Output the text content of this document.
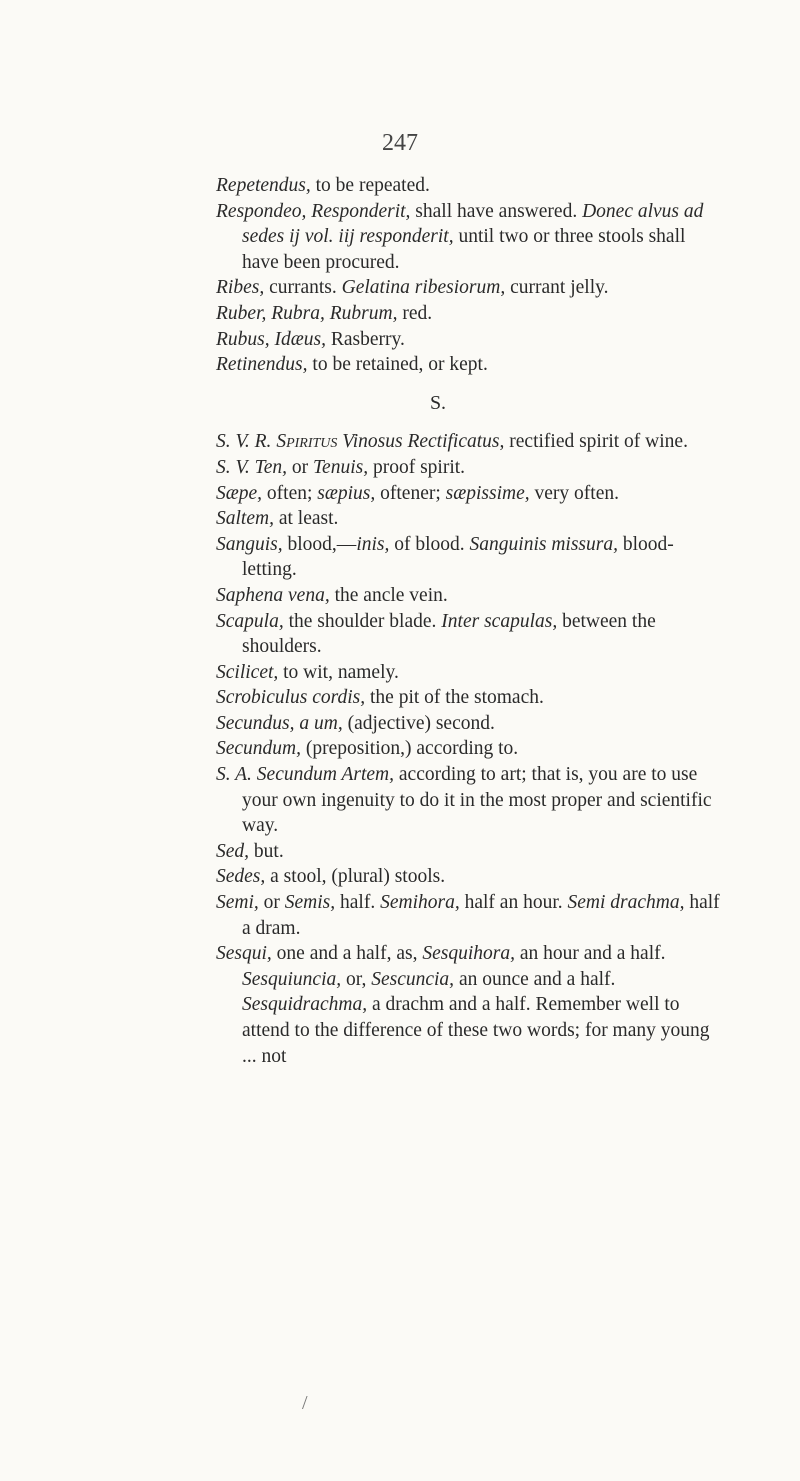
247

Repetendus, to be repeated.

Respondeo, Responderit, shall have answered. Donec alvus ad sedes ij vol. iij responderit, until two or three stools shall have been procured.

Ribes, currants. Gelatina ribesiorum, currant jelly.

Ruber, Rubra, Rubrum, red.

Rubus, Idæus, Rasberry.

Retinendus, to be retained, or kept.

S.

S. V. R. Spiritus Vinosus Rectificatus, rectified spirit of wine.

S. V. Ten, or Tenuis, proof spirit.

Sæpe, often; sæpius, oftener; sæpissime, very often.

Saltem, at least.

Sanguis, blood,—inis, of blood. Sanguinis missura, blood-letting.

Saphena vena, the ancle vein.

Scapula, the shoulder blade. Inter scapulas, between the shoulders.

Scilicet, to wit, namely.

Scrobiculus cordis, the pit of the stomach.

Secundus, a um, (adjective) second.

Secundum, (preposition,) according to.

S. A. Secundum Artem, according to art; that is, you are to use your own ingenuity to do it in the most proper and scientific way.

Sed, but.

Sedes, a stool, (plural) stools.

Semi, or Semis, half. Semihora, half an hour. Semi drachma, half a dram.

Sesqui, one and a half, as, Sesquihora, an hour and a half. Sesquiuncia, or, Sescuncia, an ounce and a half. Sesquidrachma, a drachm and a half. Remember well to attend to the difference of these two words; for many young ... not

/
